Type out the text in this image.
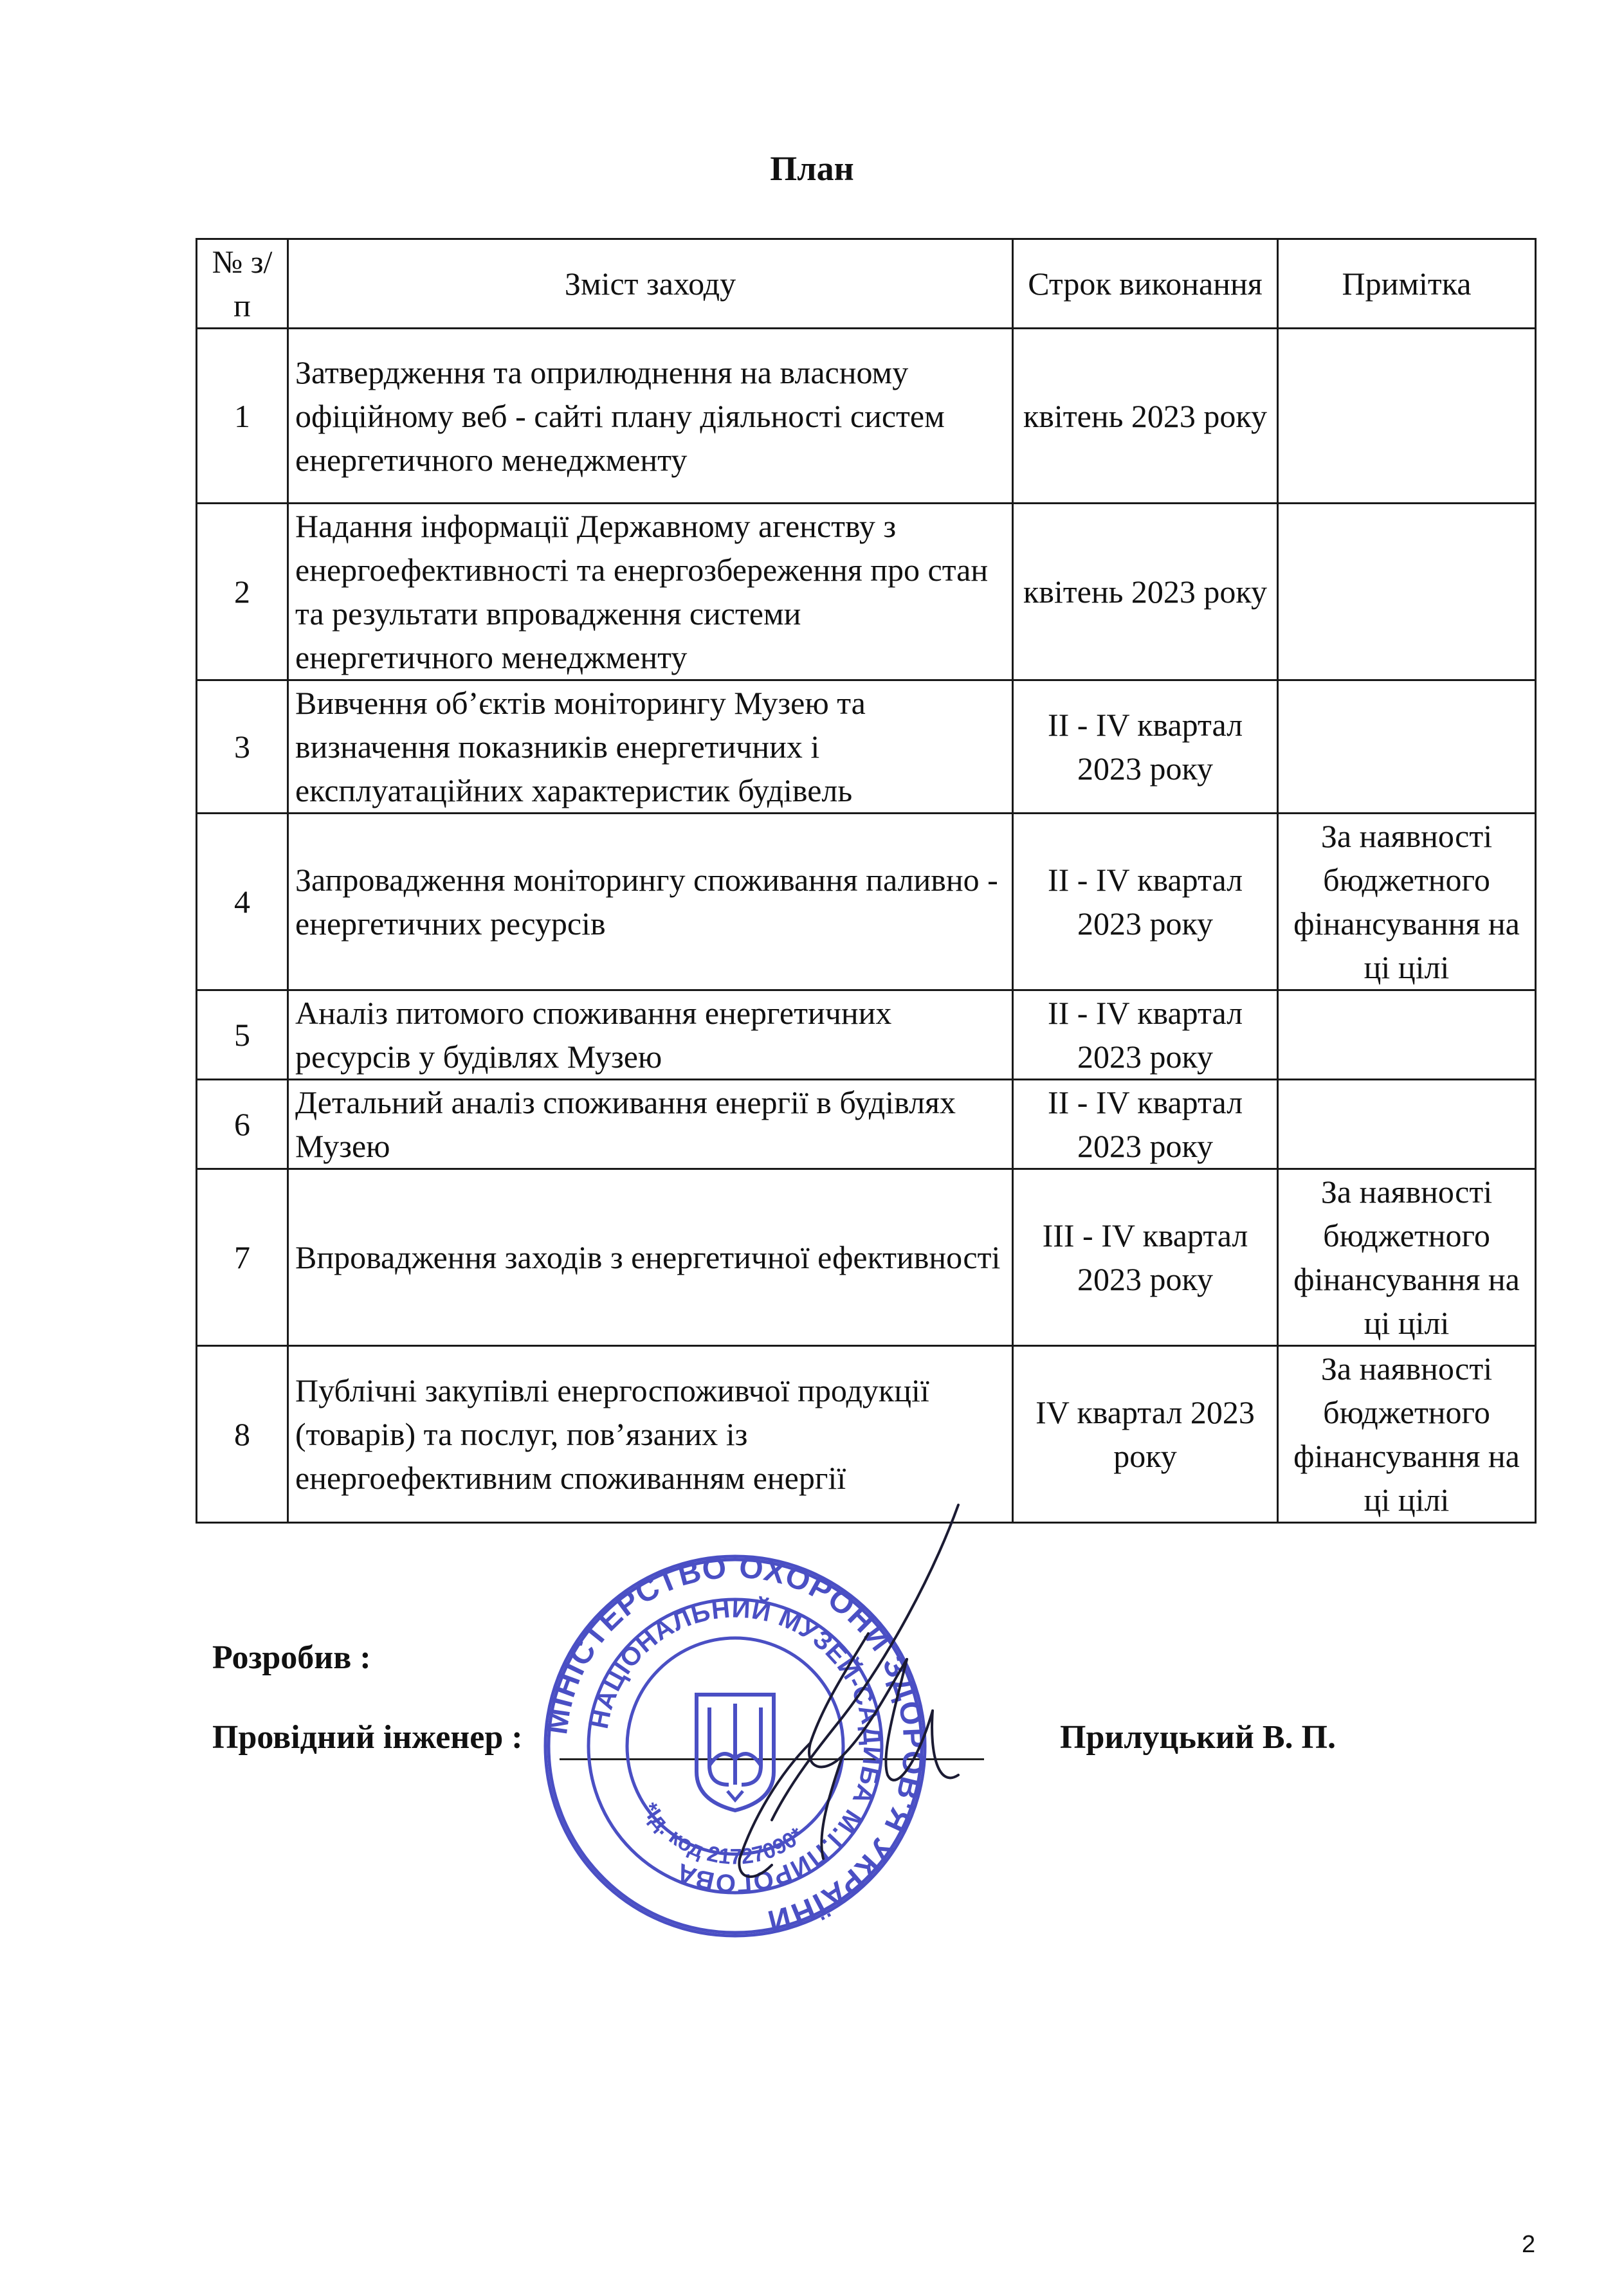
План
№ з/п	Зміст заходу	Строк виконання	Примітка
1	Затвердження та оприлюднення на власному офіційному веб - сайті плану діяльності систем енергетичного менеджменту	квітень 2023 року	
2	Надання інформації Державному агенству з енергоефективності та енергозбереження про стан та результати впровадження системи енергетичного менеджменту	квітень 2023 року	
3	Вивчення об’єктів моніторингу Музею та визначення показників енергетичних і експлуатаційних характеристик будівель	II - IV квартал 2023 року	
4	Запровадження моніторингу споживання паливно - енергетичних ресурсів	II - IV квартал 2023 року	За наявності бюджетного фінансування на ці цілі
5	Аналіз питомого споживання енергетичних ресурсів у будівлях Музею	II - IV квартал 2023 року	
6	Детальний аналіз споживання енергії в будівлях Музею	II - IV квартал 2023 року	
7	Впровадження заходів з енергетичної ефективності	III - IV квартал 2023 року	За наявності бюджетного фінансування на ці цілі
8	Публічні закупівлі енергоспоживчої продукції (товарів) та послуг, пов’язаних із енергоефективним споживанням енергії	IV квартал 2023 року	За наявності бюджетного фінансування на ці цілі
Розробив :
Провідний інженер :	Прилуцький В. П.
МІНІСТЕРСТВО ОХОРОНИ ЗДОРОВ'Я УКРАЇНИ
НАЦІОНАЛЬНИЙ МУЗЕЙ-САДИБА М.І.ПИРОГОВА
*Ід. код 21727090*
2
